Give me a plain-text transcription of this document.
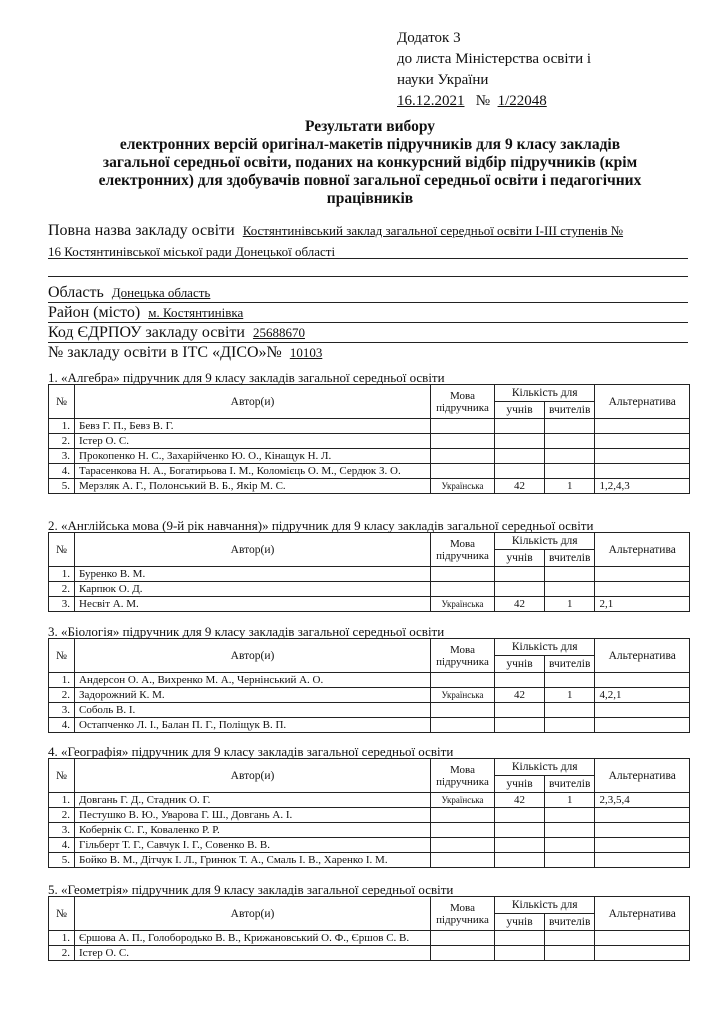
Додаток 3
до листа Міністерства освіти і
науки України
16.12.2021 № 1/22048
Результати вибору
електронних версій оригінал-макетів підручників для 9 класу закладів
загальної середньої освіти, поданих на конкурсний відбір підручників (крім
електронних) для здобувачів повної загальної середньої освіти і педагогічних
працівників
Повна назва закладу освіти Костянтинівський заклад загальної середньої освіти І-ІІІ ступенів №
16 Костянтинівської міської ради Донецької області
Область Донецька область
Район (місто) м. Костянтинівка
Код ЄДРПОУ закладу освіти 25688670
№ закладу освіти в ІТС «ДІСО»№ 10103
1. «Алгебра» підручник для 9 класу закладів загальної середньої освіти
№	Автор(и)	Мова підручника	Кількість для		Альтернатива
			учнів	вчителів	
1.	Бевз Г. П., Бевз В. Г.				
2.	Істер О. С.				
3.	Прокопенко Н. С., Захарійченко Ю. О., Кінащук Н. Л.				
4.	Тарасенкова Н. А., Богатирьова І. М., Коломієць О. М., Сердюк З. О.				
5.	Мерзляк А. Г., Полонський В. Б., Якір М. С.	Українська	42	1	1,2,4,3
2. «Англійська мова (9-й рік навчання)» підручник для 9 класу закладів загальної середньої освіти
№	Автор(и)	Мова підручника	Кількість для		Альтернатива
			учнів	вчителів	
1.	Буренко В. М.				
2.	Карпюк О. Д.				
3.	Несвіт А. М.	Українська	42	1	2,1
3. «Біологія» підручник для 9 класу закладів загальної середньої освіти
№	Автор(и)	Мова підручника	Кількість для		Альтернатива
			учнів	вчителів	
1.	Андерсон О. А., Вихренко М. А., Чернінський А. О.				
2.	Задорожний К. М.	Українська	42	1	4,2,1
3.	Соболь В. І.				
4.	Остапченко Л. І., Балан П. Г., Поліщук В. П.				
4. «Географія» підручник для 9 класу закладів загальної середньої освіти
№	Автор(и)	Мова підручника	Кількість для		Альтернатива
			учнів	вчителів	
1.	Довгань Г. Д., Стадник О. Г.	Українська	42	1	2,3,5,4
2.	Пестушко В. Ю., Уварова Г. Ш., Довгань А. І.				
3.	Кобернік С. Г., Коваленко Р. Р.				
4.	Гільберт Т. Г., Савчук І. Г., Совенко В. В.				
5.	Бойко В. М., Дітчук І. Л., Гринюк Т. А., Смаль І. В., Харенко І. М.				
5. «Геометрія» підручник для 9 класу закладів загальної середньої освіти
№	Автор(и)	Мова підручника	Кількість для		Альтернатива
			учнів	вчителів	
1.	Єршова А. П., Голобородько В. В., Крижановський О. Ф., Єршов С. В.				
2.	Істер О. С.				
